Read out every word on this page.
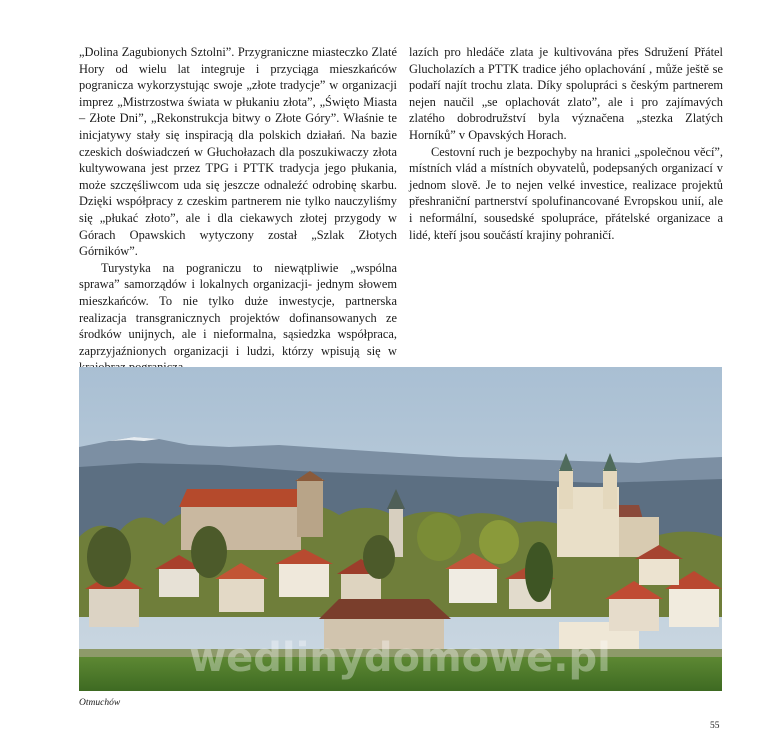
„Dolina Zagubionych Sztolni”. Przygraniczne miasteczko Zlaté Hory od wielu lat integruje i przyciąga mieszkańców pogranicza wykorzystując swoje „złote tradycje” w organizacji imprez „Mistrzostwa świata w płukaniu złota”, „Święto Miasta – Złote Dni”, „Rekonstrukcja bitwy o Złote Góry”. Właśnie te inicjatywy stały się inspiracją dla polskich działań. Na bazie czeskich doświadczeń w Głuchołazach dla poszukiwaczy złota kultywowana jest przez TPG i PTTK tradycja jego płukania, może szczęśliwcom uda się jeszcze odnaleźć odrobinę skarbu. Dzięki współpracy z czeskim partnerem nie tylko nauczyliśmy się „płukać złoto”, ale i dla ciekawych złotej przygody w Górach Opawskich wytyczony został „Szlak Złotych Górników”.

Turystyka na pograniczu to niewątpliwie „wspólna sprawa” samorządów i lokalnych organizacji- jednym słowem mieszkańców. To nie tylko duże inwestycje, partnerska realizacja transgranicznych projektów dofinansowanych ze środków unijnych, ale i nieformalna, sąsiedzka współpraca, zaprzyjaźnionych organizacji i ludzi, którzy wpisują się w

lazích pro hledáče zlata je kultivována přes Sdružení Přátel Glucholazích a PTTK tradice jého oplachování , může ještě se podaří najít trochu zlata. Díky spolupráci s českým partnerem nejen naučil „se oplachovát zlato”, ale i pro zajímavých zlatého dobrodružství byla význačena „stezka Zlatých Horníků” v Opavských Horach.

Cestovní ruch je bezpochyby na hranici „společnou věcí”, místních vlád a místních obyvatelů, podepsaných organizací v jednom slově. Je to nejen velké investice, realizace projektů přeshraniční partnerství spolufinancované Evropskou unií, ale i neformální, sousedské spolupráce, přátelské organizace a lidé, kteří jsou součástí krajiny pohraničí.

wedlinydomowe.pl
Otmuchów
55
